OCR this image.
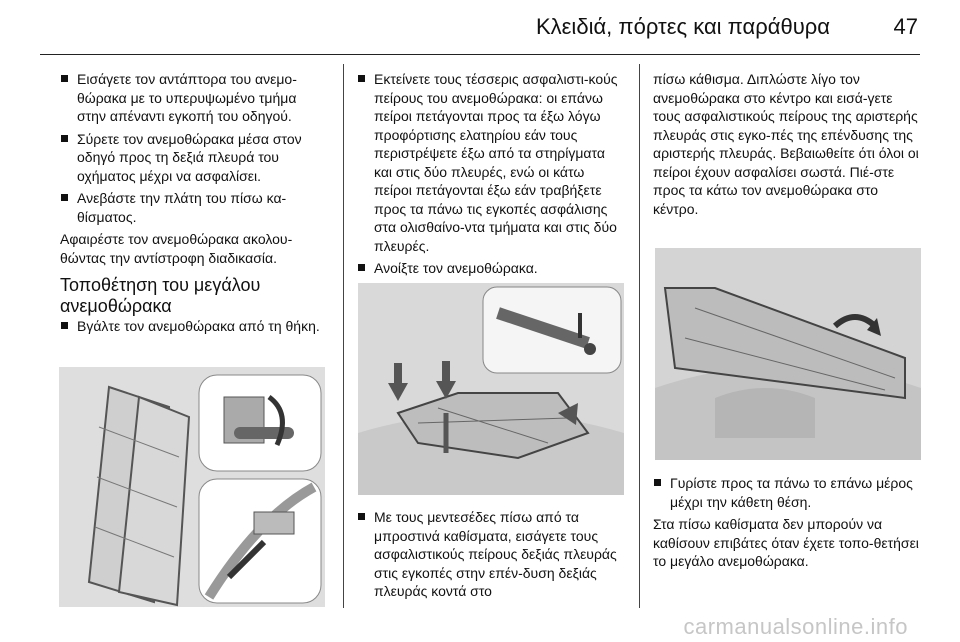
Κλειδιά, πόρτες και παράθυρα	47
Εισάγετε τον αντάπτορα του ανεμο-θώρακα με το υπερυψωμένο τμήμα στην απέναντι εγκοπή του οδηγού.
Σύρετε τον ανεμοθώρακα μέσα στον οδηγό προς τη δεξιά πλευρά του οχήματος μέχρι να ασφαλίσει.
Ανεβάστε την πλάτη του πίσω κα-θίσματος.

Αφαιρέστε τον ανεμοθώρακα ακολου-θώντας την αντίστροφη διαδικασία.

Τοποθέτηση του μεγάλου ανεμοθώρακα
Βγάλτε τον ανεμοθώρακα από τη θήκη.
Εκτείνετε τους τέσσερις ασφαλιστι-κούς πείρους του ανεμοθώρακα: οι επάνω πείροι πετάγονται προς τα έξω λόγω προφόρτισης ελατηρίου εάν τους περιστρέψετε έξω από τα στηρίγματα και στις δύο πλευρές, ενώ οι κάτω πείροι πετάγονται έξω εάν τραβήξετε προς τα πάνω τις εγκοπές ασφάλισης στα ολισθαίνο-ντα τμήματα και στις δύο πλευρές.
Ανοίξτε τον ανεμοθώρακα.
Με τους μεντεσέδες πίσω από τα μπροστινά καθίσματα, εισάγετε τους ασφαλιστικούς πείρους δεξιάς πλευράς στις εγκοπές στην επέν-δυση δεξιάς πλευράς κοντά στο

πίσω κάθισμα. Διπλώστε λίγο τον ανεμοθώρακα στο κέντρο και εισά-γετε τους ασφαλιστικούς πείρους της αριστερής πλευράς στις εγκο-πές της επένδυσης της αριστερής πλευράς. Βεβαιωθείτε ότι όλοι οι πείροι έχουν ασφαλίσει σωστά. Πιέ-στε προς τα κάτω τον ανεμοθώρακα στο κέντρο.

Γυρίστε προς τα πάνω το επάνω μέρος μέχρι την κάθετη θέση.

Στα πίσω καθίσματα δεν μπορούν να καθίσουν επιβάτες όταν έχετε τοπο-θετήσει το μεγάλο ανεμοθώρακα.

carmanualsonline.info
